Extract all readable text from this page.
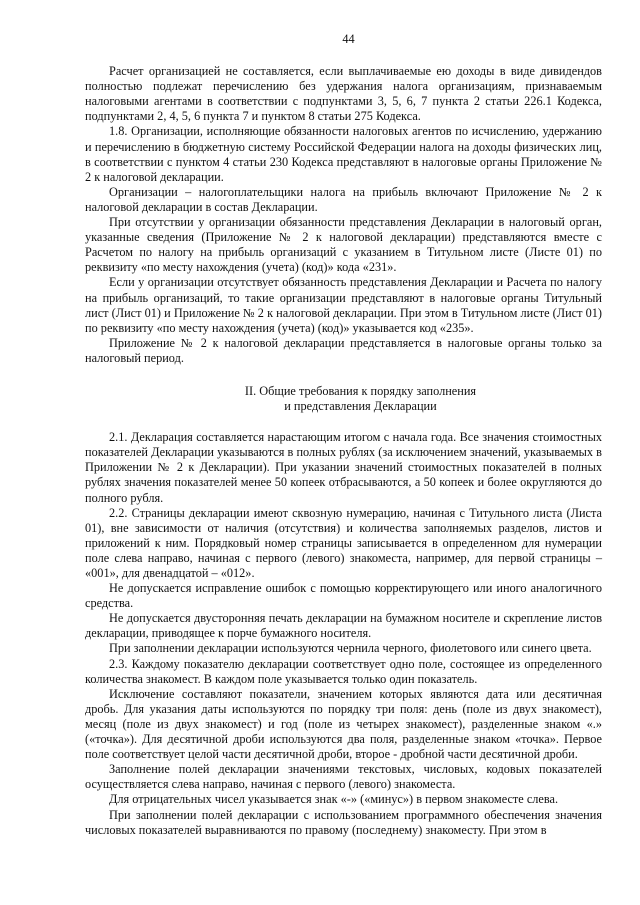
44

Расчет организацией не составляется, если выплачиваемые ею доходы в виде дивидендов полностью подлежат перечислению без удержания налога организациям, признаваемым налоговыми агентами в соответствии с подпунктами 3, 5, 6, 7 пункта 2 статьи 226.1 Кодекса, подпунктами 2, 4, 5, 6 пункта 7 и пунктом 8 статьи 275 Кодекса.

1.8. Организации, исполняющие обязанности налоговых агентов по исчислению, удержанию и перечислению в бюджетную систему Российской Федерации налога на доходы физических лиц, в соответствии с пунктом 4 статьи 230 Кодекса представляют в налоговые органы Приложение № 2 к налоговой декларации.

Организации – налогоплательщики налога на прибыль включают Приложение № 2 к налоговой декларации в состав Декларации.

При отсутствии у организации обязанности представления Декларации в налоговый орган, указанные сведения (Приложение № 2 к налоговой декларации) представляются вместе с Расчетом по налогу на прибыль организаций с указанием в Титульном листе (Листе 01) по реквизиту «по месту нахождения (учета) (код)» кода «231».

Если у организации отсутствует обязанность представления Декларации и Расчета по налогу на прибыль организаций, то такие организации представляют в налоговые органы Титульный лист (Лист 01) и Приложение № 2 к налоговой декларации. При этом в Титульном листе (Лист 01) по реквизиту «по месту нахождения (учета) (код)» указывается код «235».

Приложение № 2 к налоговой декларации представляется в налоговые органы только за налоговый период.

II. Общие требования к порядку заполнения
и представления Декларации

2.1. Декларация составляется нарастающим итогом с начала года. Все значения стоимостных показателей Декларации указываются в полных рублях (за исключением значений, указываемых в Приложении № 2 к Декларации). При указании значений стоимостных показателей в полных рублях значения показателей менее 50 копеек отбрасываются, а 50 копеек и более округляются до полного рубля.

2.2. Страницы декларации имеют сквозную нумерацию, начиная с Титульного листа (Листа 01), вне зависимости от наличия (отсутствия) и количества заполняемых разделов, листов и приложений к ним. Порядковый номер страницы записывается в определенном для нумерации поле слева направо, начиная с первого (левого) знакоместа, например, для первой страницы – «001», для двенадцатой – «012».

Не допускается исправление ошибок с помощью корректирующего или иного аналогичного средства.

Не допускается двусторонняя печать декларации на бумажном носителе и скрепление листов декларации, приводящее к порче бумажного носителя.

При заполнении декларации используются чернила черного, фиолетового или синего цвета.

2.3. Каждому показателю декларации соответствует одно поле, состоящее из определенного количества знакомест. В каждом поле указывается только один показатель.

Исключение составляют показатели, значением которых являются дата или десятичная дробь. Для указания даты используются по порядку три поля: день (поле из двух знакомест), месяц (поле из двух знакомест) и год (поле из четырех знакомест), разделенные знаком «.» («точка»). Для десятичной дроби используются два поля, разделенные знаком «точка». Первое поле соответствует целой части десятичной дроби, второе - дробной части десятичной дроби.

Заполнение полей декларации значениями текстовых, числовых, кодовых показателей осуществляется слева направо, начиная с первого (левого) знакоместа.

Для отрицательных чисел указывается знак «-» («минус») в первом знакоместе слева.

При заполнении полей декларации с использованием программного обеспечения значения числовых показателей выравниваются по правому (последнему) знакоместу. При этом в
